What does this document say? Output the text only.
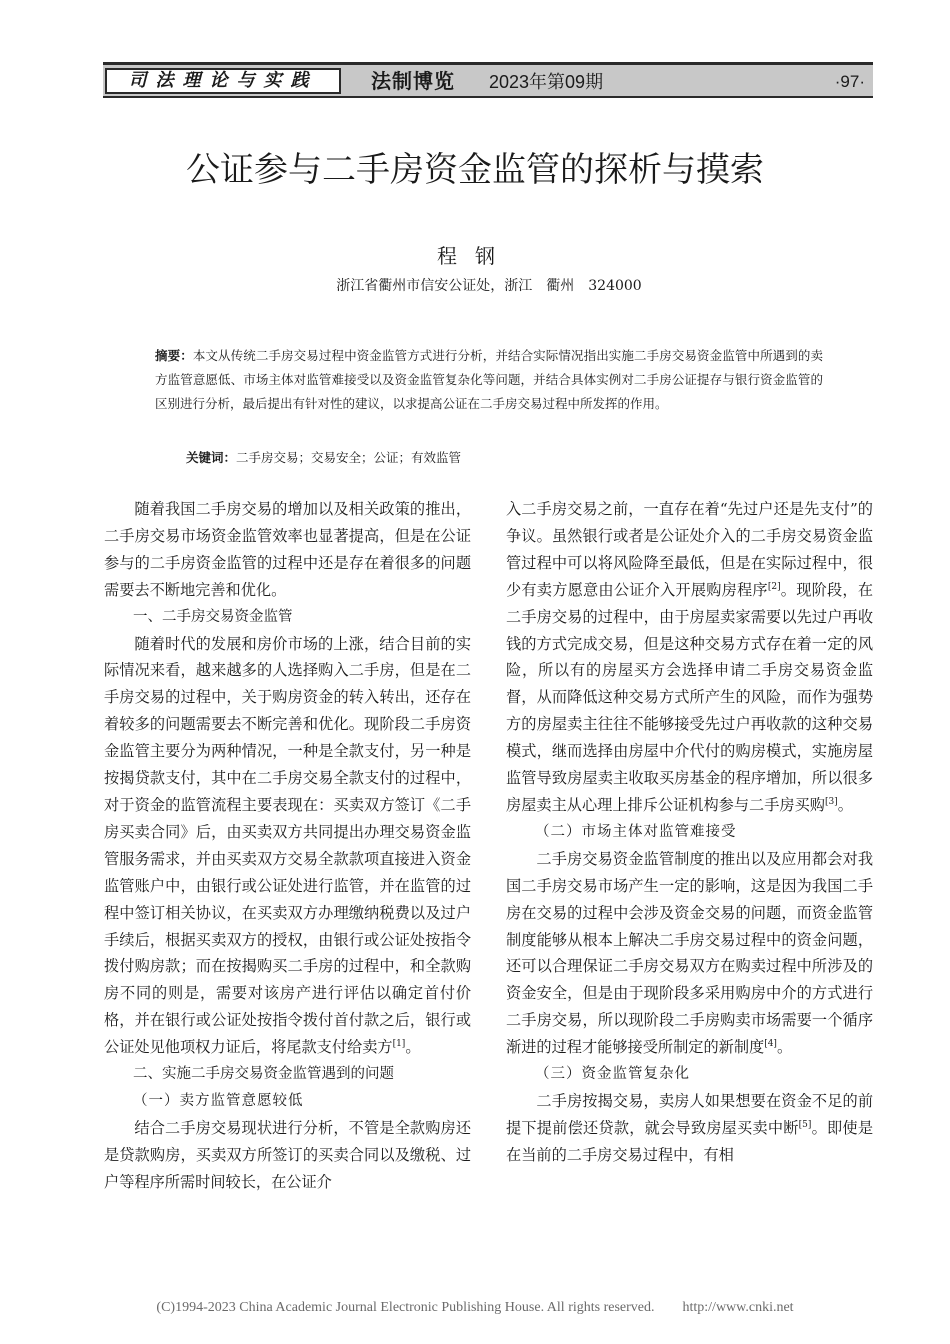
司法理论与实践	法制博览 2023年第09期	·97·
公证参与二手房资金监管的探析与摸索
程钢
浙江省衢州市信安公证处，浙江　衢州　324000
摘要：本文从传统二手房交易过程中资金监管方式进行分析，并结合实际情况指出实施二手房交易资金监管中所遇到的卖方监管意愿低、市场主体对监管难接受以及资金监管复杂化等问题，并结合具体实例对二手房公证提存与银行资金监管的区别进行分析，最后提出有针对性的建议，以求提高公证在二手房交易过程中所发挥的作用。
关键词：二手房交易；交易安全；公证；有效监管

随着我国二手房交易的增加以及相关政策的推出，二手房交易市场资金监管效率也显著提高，但是在公证参与的二手房资金监管的过程中还是存在着很多的问题需要去不断地完善和优化。

一、二手房交易资金监管

随着时代的发展和房价市场的上涨，结合目前的实际情况来看，越来越多的人选择购入二手房，但是在二手房交易的过程中，关于购房资金的转入转出，还存在着较多的问题需要去不断完善和优化。现阶段二手房资金监管主要分为两种情况，一种是全款支付，另一种是按揭贷款支付，其中在二手房交易全款支付的过程中，对于资金的监管流程主要表现在：买卖双方签订《二手房买卖合同》后，由买卖双方共同提出办理交易资金监管服务需求，并由买卖双方交易全款款项直接进入资金监管账户中，由银行或公证处进行监管，并在监管的过程中签订相关协议，在买卖双方办理缴纳税费以及过户手续后，根据买卖双方的授权，由银行或公证处按指令拨付购房款；而在按揭购买二手房的过程中，和全款购房不同的则是，需要对该房产进行评估以确定首付价格，并在银行或公证处按指令拨付首付款之后，银行或公证处见他项权力证后，将尾款支付给卖方[1]。

二、实施二手房交易资金监管遇到的问题
（一）卖方监管意愿较低

结合二手房交易现状进行分析，不管是全款购房还是贷款购房，买卖双方所签订的买卖合同以及缴税、过户等程序所需时间较长，在公证介

入二手房交易之前，一直存在着“先过户还是先支付”的争议。虽然银行或者是公证处介入的二手房交易资金监管过程中可以将风险降至最低，但是在实际过程中，很少有卖方愿意由公证介入开展购房程序[2]。现阶段，在二手房交易的过程中，由于房屋卖家需要以先过户再收钱的方式完成交易，但是这种交易方式存在着一定的风险，所以有的房屋买方会选择申请二手房交易资金监督，从而降低这种交易方式所产生的风险，而作为强势方的房屋卖主往往不能够接受先过户再收款的这种交易模式，继而选择由房屋中介代付的购房模式，实施房屋监管导致房屋卖主收取买房基金的程序增加，所以很多房屋卖主从心理上排斥公证机构参与二手房买购[3]。

（二）市场主体对监管难接受

二手房交易资金监管制度的推出以及应用都会对我国二手房交易市场产生一定的影响，这是因为我国二手房在交易的过程中会涉及资金交易的问题，而资金监管制度能够从根本上解决二手房交易过程中的资金问题，还可以合理保证二手房交易双方在购卖过程中所涉及的资金安全，但是由于现阶段多采用购房中介的方式进行二手房交易，所以现阶段二手房购卖市场需要一个循序渐进的过程才能够接受所制定的新制度[4]。

（三）资金监管复杂化

二手房按揭交易，卖房人如果想要在资金不足的前提下提前偿还贷款，就会导致房屋买卖中断[5]。即使是在当前的二手房交易过程中，有相

(C)1994-2023 China Academic Journal Electronic Publishing House. All rights reserved.　　http://www.cnki.net
